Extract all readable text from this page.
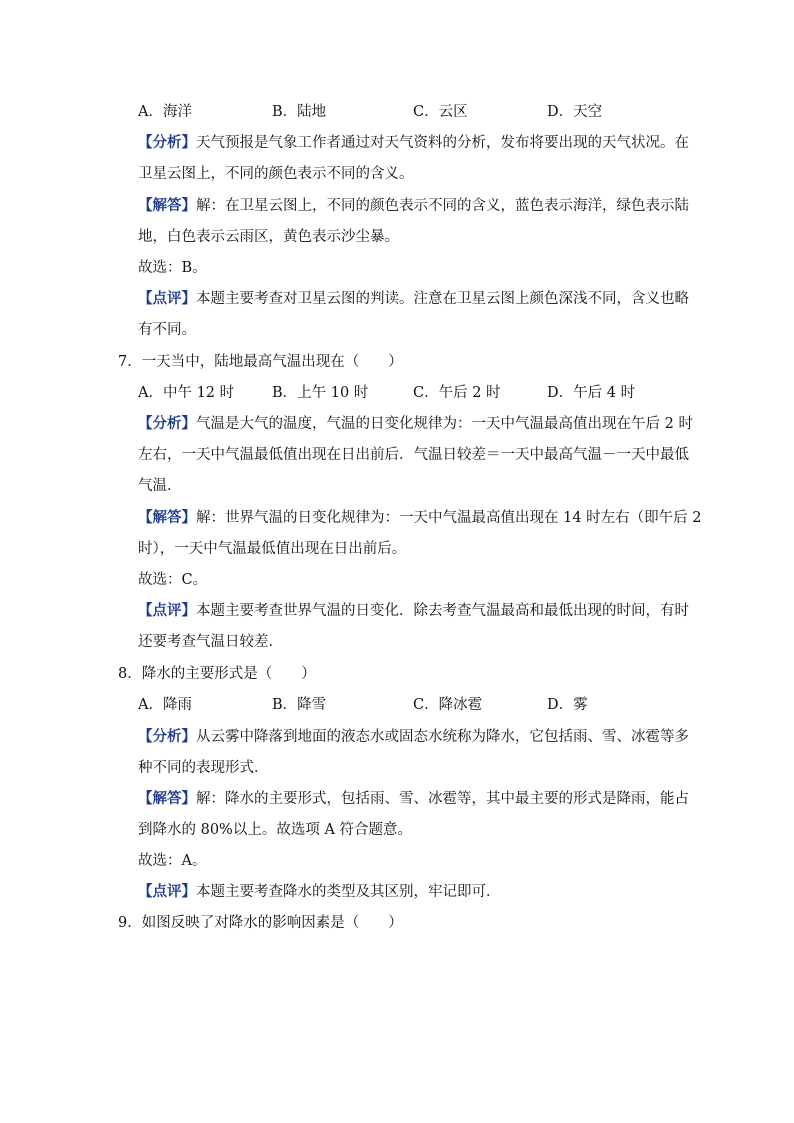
A．海洋	B．陆地	C．云区	D．天空
【分析】天气预报是气象工作者通过对天气资料的分析，发布将要出现的天气状况。在
卫星云图上，不同的颜色表示不同的含义。
【解答】解：在卫星云图上，不同的颜色表示不同的含义，蓝色表示海洋，绿色表示陆
地，白色表示云雨区，黄色表示沙尘暴。
故选：B。
【点评】本题主要考查对卫星云图的判读。注意在卫星云图上颜色深浅不同，含义也略
有不同。
7．一天当中，陆地最高气温出现在（　　）
A．中午 12 时	B．上午 10 时	C．午后 2 时	D．午后 4 时
【分析】气温是大气的温度，气温的日变化规律为：一天中气温最高值出现在午后 2 时
左右，一天中气温最低值出现在日出前后．气温日较差＝一天中最高气温－一天中最低
气温．
【解答】解：世界气温的日变化规律为：一天中气温最高值出现在 14 时左右（即午后 2
时），一天中气温最低值出现在日出前后。
故选：C。
【点评】本题主要考查世界气温的日变化．除去考查气温最高和最低出现的时间，有时
还要考查气温日较差．
8．降水的主要形式是（　　）
A．降雨	B．降雪	C．降冰雹	D．雾
【分析】从云雾中降落到地面的液态水或固态水统称为降水，它包括雨、雪、冰雹等多
种不同的表现形式．
【解答】解：降水的主要形式，包括雨、雪、冰雹等，其中最主要的形式是降雨，能占
到降水的 80%以上。故选项 A 符合题意。
故选：A。
【点评】本题主要考查降水的类型及其区别，牢记即可．
9．如图反映了对降水的影响因素是（　　）
